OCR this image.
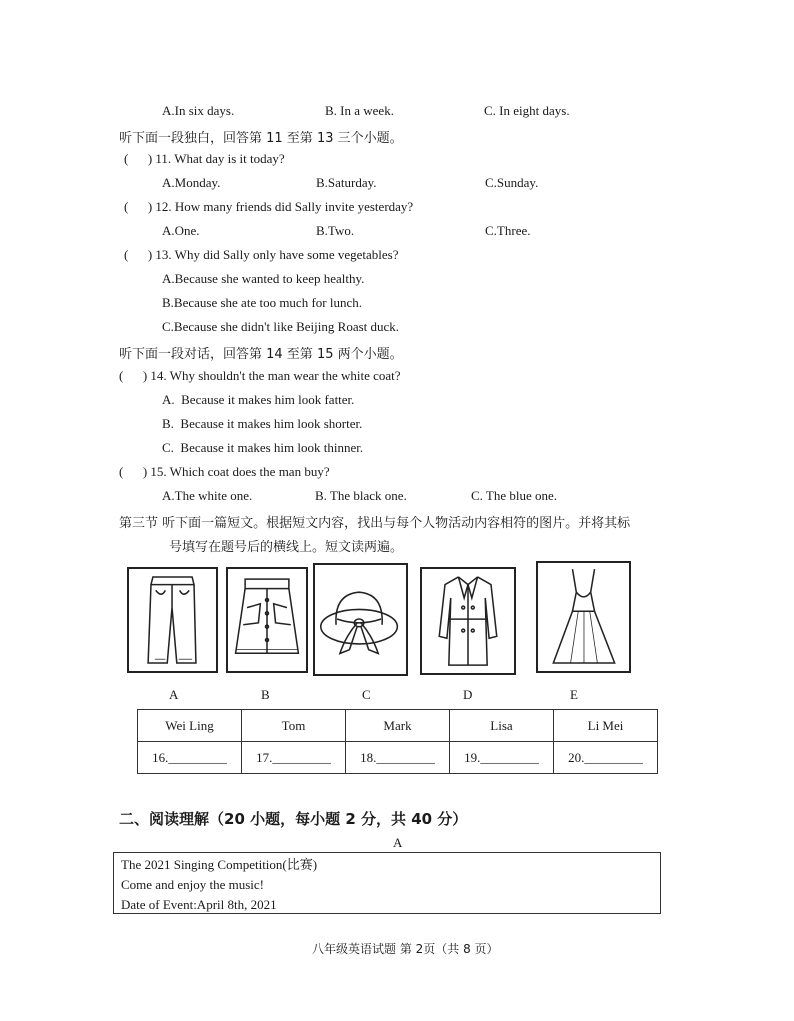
A.In six days.	B. In a week.	C. In eight days.
听下面一段独白，回答第 11 至第 13 三个小题。
(      ) 11. What day is it today?
A.Monday.	B.Saturday.	C.Sunday.
(      ) 12. How many friends did Sally invite yesterday?
A.One.	B.Two.	C.Three.
(      ) 13. Why did Sally only have some vegetables?
A.Because she wanted to keep healthy.
B.Because she ate too much for lunch.
C.Because she didn't like Beijing Roast duck.
听下面一段对话，回答第 14 至第 15 两个小题。
(      ) 14. Why shouldn't the man wear the white coat?
A.  Because it makes him look fatter.
B.  Because it makes him look shorter.
C.  Because it makes him look thinner.
(      ) 15. Which coat does the man buy?
A.The white one.	B. The black one.	C. The blue one.
第三节 听下面一篇短文。根据短文内容，找出与每个人物活动内容相符的图片。并将其标
号填写在题号后的横线上。短文读两遍。
A	B	C	D	E
Wei Ling	Tom	Mark	Lisa	Li Mei
16._________	17._________	18._________	19._________	20._________
二、阅读理解（20 小题，每小题 2 分，共 40 分）
A
The 2021 Singing Competition(比赛)
Come and enjoy the music!
Date of Event:April 8th, 2021
八年级英语试题 第 2页（共 8 页）
